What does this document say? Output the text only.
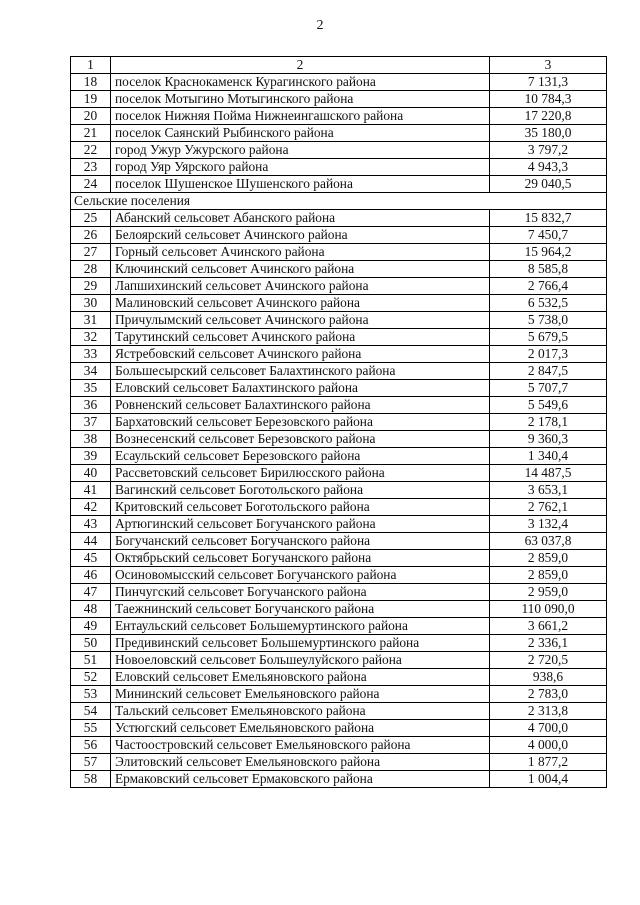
2
1	2	3
18	поселок Краснокаменск Курагинского района	7 131,3
19	поселок Мотыгино Мотыгинского района	10 784,3
20	поселок Нижняя Пойма Нижнеингашского района	17 220,8
21	поселок Саянский Рыбинского района	35 180,0
22	город Ужур Ужурского района	3 797,2
23	город Уяр Уярского района	4 943,3
24	поселок Шушенское Шушенского района	29 040,5
Сельские поселения		
25	Абанский сельсовет Абанского района	15 832,7
26	Белоярский сельсовет Ачинского района	7 450,7
27	Горный сельсовет Ачинского района	15 964,2
28	Ключинский сельсовет Ачинского района	8 585,8
29	Лапшихинский сельсовет Ачинского района	2 766,4
30	Малиновский сельсовет Ачинского района	6 532,5
31	Причулымский сельсовет Ачинского района	5 738,0
32	Тарутинский сельсовет Ачинского района	5 679,5
33	Ястребовский сельсовет Ачинского района	2 017,3
34	Большесырский сельсовет Балахтинского района	2 847,5
35	Еловский сельсовет Балахтинского района	5 707,7
36	Ровненский сельсовет Балахтинского района	5 549,6
37	Бархатовский сельсовет Березовского района	2 178,1
38	Вознесенский сельсовет Березовского района	9 360,3
39	Есаульский сельсовет Березовского района	1 340,4
40	Рассветовский сельсовет Бирилюсского района	14 487,5
41	Вагинский сельсовет Боготольского района	3 653,1
42	Критовский сельсовет Боготольского района	2 762,1
43	Артюгинский сельсовет Богучанского района	3 132,4
44	Богучанский сельсовет Богучанского района	63 037,8
45	Октябрьский сельсовет Богучанского района	2 859,0
46	Осиновомысский сельсовет Богучанского района	2 859,0
47	Пинчугский сельсовет Богучанского района	2 959,0
48	Таежнинский сельсовет Богучанского района	110 090,0
49	Ентаульский сельсовет Большемуртинского района	3 661,2
50	Предивинский сельсовет Большемуртинского района	2 336,1
51	Новоеловский сельсовет Большеулуйского района	2 720,5
52	Еловский сельсовет Емельяновского района	938,6
53	Мининский сельсовет Емельяновского района	2 783,0
54	Тальский сельсовет Емельяновского района	2 313,8
55	Устюгский сельсовет Емельяновского района	4 700,0
56	Частоостровский сельсовет Емельяновского района	4 000,0
57	Элитовский сельсовет Емельяновского района	1 877,2
58	Ермаковский сельсовет Ермаковского района	1 004,4
